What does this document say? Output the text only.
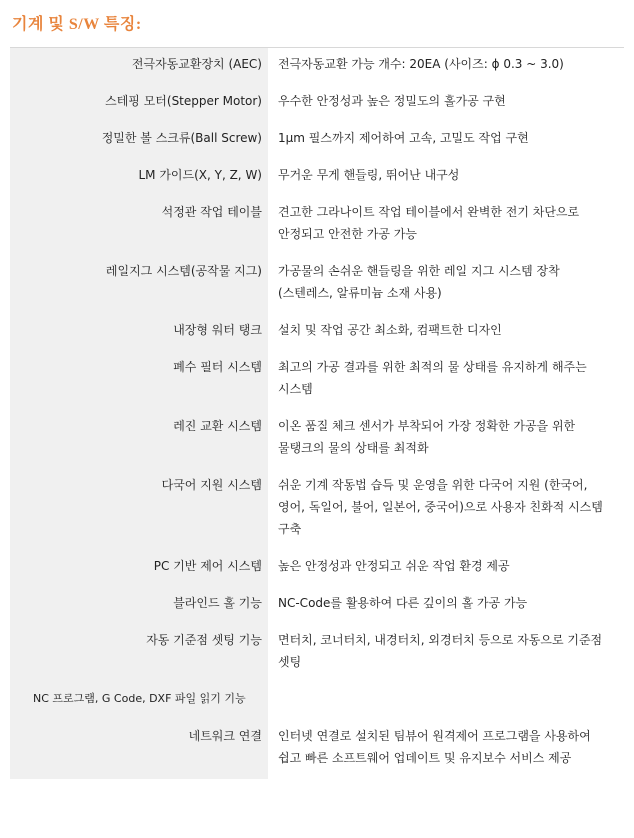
기계 및 S/W 특징:
전극자동교환장치 (AEC)	전극자동교환 가능 개수: 20EA (사이즈: ϕ 0.3 ~ 3.0)
스테핑 모터(Stepper Motor)	우수한 안정성과 높은 정밀도의 홀가공 구현
정밀한 볼 스크류(Ball Screw)	1μm 필스까지 제어하여 고속, 고밀도 작업 구현
LM 가이드(X, Y, Z, W)	무거운 무게 핸들링, 뛰어난 내구성
석정관 작업 테이블	견고한 그라나이트 작업 테이블에서 완벽한 전기 차단으로 안정되고 안전한 가공 가능
레일지그 시스템(공작물 지그)	가공물의 손쉬운 핸들링을 위한 레일 지그 시스템 장착 (스텐레스, 알류미늄 소재 사용)
내장형 워터 탱크	설치 및 작업 공간 최소화, 컴팩트한 디자인
폐수 필터 시스템	최고의 가공 결과를 위한 최적의 물 상태를 유지하게 해주는 시스템
레진 교환 시스템	이온 품질 체크 센서가 부착되어 가장 정확한 가공을 위한 물탱크의 물의 상태를 최적화
다국어 지원 시스템	쉬운 기계 작동법 습득 및 운영을 위한 다국어 지원 (한국어, 영어, 독일어, 불어, 일본어, 중국어)으로 사용자 친화적 시스템 구축
PC 기반 제어 시스템	높은 안정성과 안정되고 쉬운 작업 환경 제공
블라인드 홀 기능	NC-Code를 활용하여 다른 깊이의 홀 가공 가능
자동 기준점 셋팅 기능	면터치, 코너터치, 내경터치, 외경터치 등으로 자동으로 기준점 셋팅
NC 프로그램, G Code, DXF 파일 읽기 기능
네트워크 연결	인터넷 연결로 설치된 팀뷰어 원격제어 프로그램을 사용하여 쉽고 빠른 소프트웨어 업데이트 및 유지보수 서비스 제공
